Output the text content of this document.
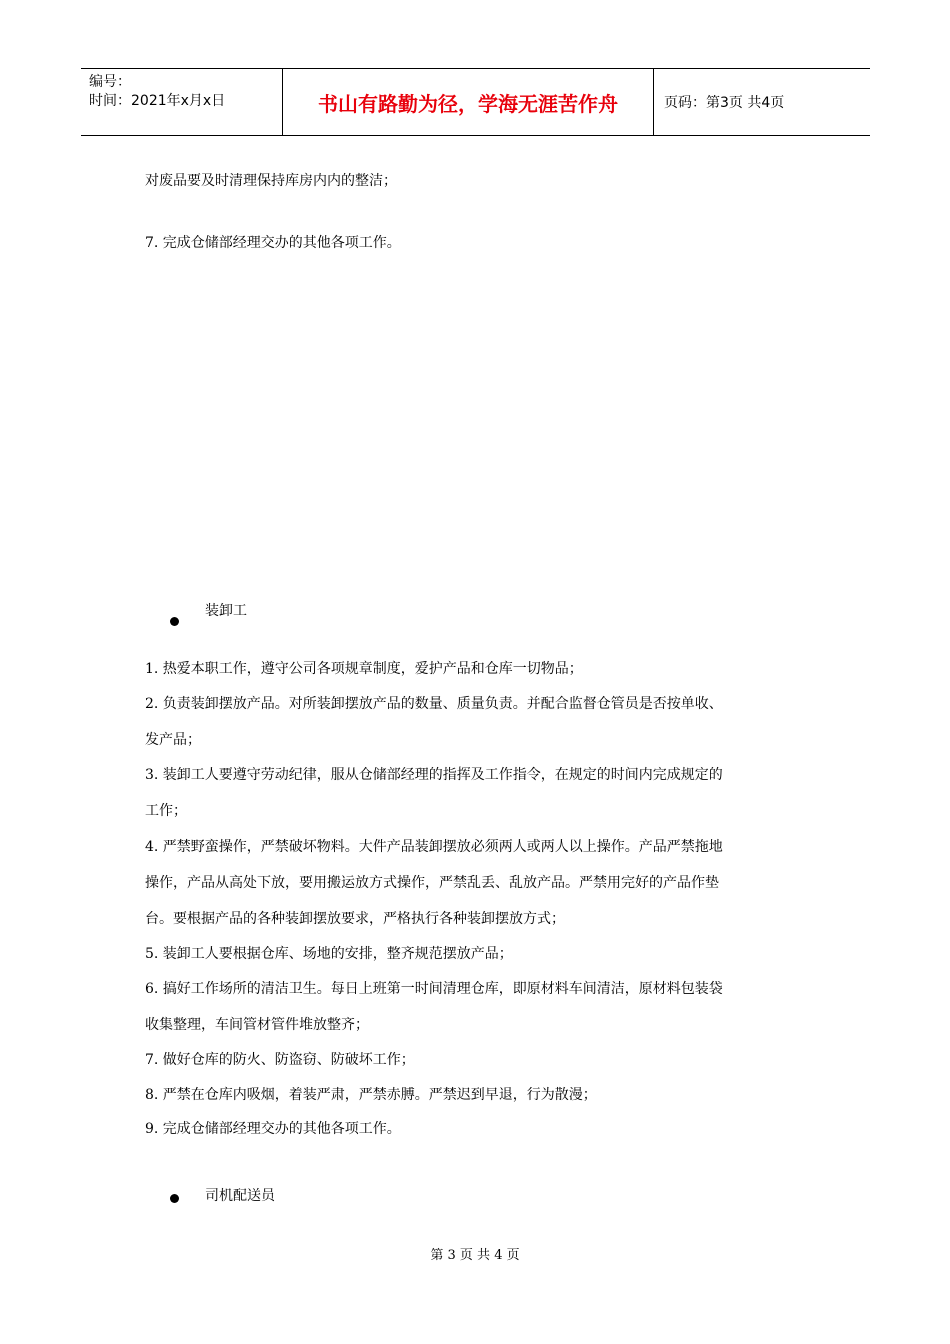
编号：
时间：2021年x月x日	书山有路勤为径，学海无涯苦作舟	页码：第3页 共4页
对废品要及时清理保持库房内内的整洁；
7. 完成仓储部经理交办的其他各项工作。
装卸工
1. 热爱本职工作，遵守公司各项规章制度，爱护产品和仓库一切物品；
2. 负责装卸摆放产品。对所装卸摆放产品的数量、质量负责。并配合监督仓管员是否按单收、
发产品；
3. 装卸工人要遵守劳动纪律，服从仓储部经理的指挥及工作指令，在规定的时间内完成规定的
工作；
4. 严禁野蛮操作，严禁破坏物料。大件产品装卸摆放必须两人或两人以上操作。产品严禁拖地
操作，产品从高处下放，要用搬运放方式操作，严禁乱丢、乱放产品。严禁用完好的产品作垫
台。要根据产品的各种装卸摆放要求，严格执行各种装卸摆放方式；
5. 装卸工人要根据仓库、场地的安排，整齐规范摆放产品；
6. 搞好工作场所的清洁卫生。每日上班第一时间清理仓库，即原材料车间清洁，原材料包装袋
收集整理，车间管材管件堆放整齐；
7. 做好仓库的防火、防盗窃、防破坏工作；
8. 严禁在仓库内吸烟，着装严肃，严禁赤膊。严禁迟到早退，行为散漫；
9. 完成仓储部经理交办的其他各项工作。
司机配送员
第 3 页 共 4 页
